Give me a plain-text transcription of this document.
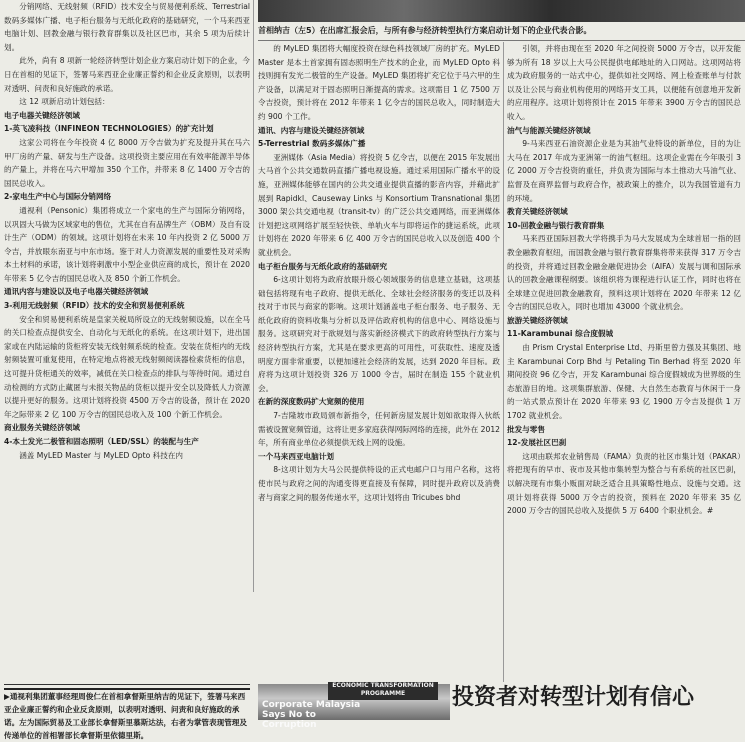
首相纳吉（左5）在出席汇报会后，与所有参与经济转型执行方案启动计划下的企业代表合影。

分销网络、无线射频（RFID）技术安全与贸易便利系统、Terrestrial 数码多媒体广播、电子柜台服务与无纸化政府的基础研究，一个马来西亚电脑计划、回教金融与银行教育群集以及社区巴市，其余 5 项为后续计划。

此外，尚有 8 项新一轮经济转型计划企业方案启动计划下的企业，今日在首相的见证下，签署马来西亚企业廉正誓约和企业反贪原则，以表明对透明、问责和良好施政的承诺。

这 12 项新启动计划包括：

电子电器关键经济领域

1-英飞凌科技（INFINEON TECHNOLOGIES）的扩充计划

这家公司将在今年投资 4 亿 8000 万令吉做为扩充及提升其在马六甲厂房的产量、研发与生产设备。这项投资主要应用在有效率能源半导体的产量上，并将在马六甲增加 350 个工作，并带来 8 亿 1400 万令吉的国民总收入。

2-家电生产中心与国际分销网络

通视利（Pensonic）集团将成立一个家电的生产与国际分销网络，以巩固大马做为区域家电的售位，尤其在自有品牌生产（OBM）及自有设计生产（ODM）的领域。这项计划将在未来 10 年内投资 2 亿 5000 万令吉，并放眼东南亚与中东市场。鉴于对人力资源发展的重要性及对采购本土材料的承诺，该计划将刺激中小型企业供应商的成长，预计在 2020 年带来 5 亿令吉的国民总收入及 850 个新工作机会。

通讯内容与建设以及电子电器关键经济领域

3-利用无线射频（RFID）技术的安全和贸易便利系统

安全和贸易便利系统是皇家关税局所设立的无线射频设施，以在全马的关口检查点提供安全、自动化与无纸化的系统。在这项计划下，进出国家或在内陆运输的货柜将安装无线射频系统的检查。安装在货柜内的无线射频装置可重复使用，在特定地点将被无线射频阅读器检索货柜的信息，这可提升货柜通关的效率，减低在关口检查点的排队与等待时间。通过自动检测的方式防止藏匿与未报关物品的货柜以提升安全以及降低人力资源以提升更好的服务。这项计划将投资 4500 万令吉的设备，预计在 2020 年之际带来 2 亿 100 万令吉的国民总收入及 100 个新工作机会。

商业服务关键经济领域

4-本土发光二极管和固态照明（LED/SSL）的装配与生产

涵盖 MyLED Master 与 MyLED Opto 科技在内

的 MyLED 集团将大幅度投资在绿色科技领域厂房的扩充。MyLED Master 是本土首家拥有固态照明生产技术的企业，而 MyLED Opto 科技则拥有发光二极管的生产设备。MyLED 集团将扩充它位于马六甲的生产设备，以满足对于固态照明日渐提高的需求。这项需目 1 亿 7500 万令吉投资，预计将在 2012 年带来 1 亿令吉的国民总收入，同时制造大约 900 个工作。

通讯、内容与建设关键经济领域

5-Terrestrial 数码多媒体广播

亚洲媒体（Asia Media）将投资 5 亿令吉，以便在 2015 年发展出大马首个公共交通数码直播广播电视设施。通过采用国际广播水平的设施，亚洲媒体能够在国内的公共交通业提供直播的影音内容，并藉此扩展到 Rapidkl、Causeway Links 与 Konsortium Transnational 集团 3000 架公共交通电视（transit-tv）的广泛公共交通网络，而亚洲媒体计划把这项网络扩展至轻快铁、单轨火车与即将运作的捷运系统，此项计划将在 2020 年带来 6 亿 400 万令吉的国民总收入以及创造 400 个就业机会。

电子柜台服务与无纸化政府的基础研究

6-这项计划将为政府放眼升级心领域服务的信息建立基础，这项基础包括将现有电子政府、提供无纸化、全球社会经济服务的变迁以及科技对于市民与商家的影响。这项计划涵盖电子柜台服务、电子服务、无纸化政府的资料收集与分析以及评估政府机构的信息中心、网络设施与服务。这项研究对于欲规划与落实新经济模式下的政府转型执行方案与经济转型执行方案，尤其是在要求更高的可用性，可获取性、速度及透明度方面非常重要，以便加速社会经济的发展，达到 2020 年目标。政府将为这项计划投资 326 万 1000 令吉，届时在制造 155 个就业机会。

在新的深度数码扩大宽频的使用

7-吉隆坡市政局颁布新指令，任何新房屋发展计划如欲取得入伙纸需被设置宽频管道，这将让更多家庭获得网际网络的连接，此外在 2012 年，所有商业单位必须提供无线上网的设施。

一个马来西亚电脑计划

8-这项计划为大马公民提供特设的正式电邮户口与用户名称，这将使市民与政府之间的沟通变得更直接及有保障，同时提升政府以及消费者与商家之间的服务传递水平，这项计划将由 Tricubes bhd

引领，并将由现在至 2020 年之间投资 5000 万令吉，以开发能够为所有 18 岁以上大马公民提供电邮地址的入口网站。这项网站将成为政府服务的一站式中心，提供如社交网络、网上检查账单与付款以及让公民与商业机构使用的网络开支工具，以便能有创意地开发新的应用程序。这项计划将预计在 2015 年带来 3900 万令吉的国民总收入。

油气与能源关键经济领域

9-马来西亚石油资源企业是为其油气业特设的新单位，目的为让大马在 2017 年成为亚洲第一的油气枢纽。这项企业需在今年吸引 3 亿 2000 万令吉投资的重任，并负责为国际与本土推动大马油气业、监督及在商界监督与政府合作，被政策上的推介，以为我国管道有力的环境。

教育关键经济领域

10-回教金融与银行教育群集

马来西亚国际回教大学将携手为马大发展成为全球首屈一指的回教金融教育枢纽，而国教金融与银行教育群集将带来获得 317 万令吉的投资，并将通过回教金融金融促进协会（AIFA）发展与调和国际承认的回教金融课程纲要。该组织将为课程进行认证工作，同时也将在全球建立促进回教金融教育，预料这项计划将在 2020 年带来 12 亿令吉的国民总收入，同时也增加 43000 个就业机会。

旅游关键经济领域

11-Karambunai 综合度假城

由 Prism Crystal Enterprise Ltd、丹斯里曾力强及其集团、地主 Karambunai Corp Bhd 与 Petaling Tin Berhad 将至 2020 年期间投资 96 亿令吉，开发 Karambunai 综合度假城成为世界级的生态旅游目的地。这项集群旅游、保健、大自然生态教育与休闲于一身的一站式景点预计在 2020 年带来 93 亿 1900 万令吉及提供 1 万 1702 就业机会。

批发与零售

12-发展社区巴刹

这项由联邦农业销售局（FAMA）负责的社区市集计划（PAKAR）将把现有的早市、夜市及其他市集转型为整合与有系统的社区巴刹，以解决现有市集小贩面对缺乏适合且具策略性地点、设施与交通。这项计划将获得 5000 万令吉的投资，预料在 2020 年带来 35 亿 2000 万令吉的国民总收入及提供 5 万 6400 个职业机会。#

▶通视利集团董事经理周俊仁在首相拿督斯里纳吉的见证下，签署马来西亚企业廉正誓约和企业反贪原则，以表明对透明、问责和良好施政的承诺。左为国际贸易及工业部长拿督斯里慕斯达法，右者为掌管表现管理及传递单位的首相署部长拿督斯里依德里斯。
ECONOMIC TRANSFORMATION PROGRAMME
Corporate Malaysia Says No to Corruption
投资者对转型计划有信心
